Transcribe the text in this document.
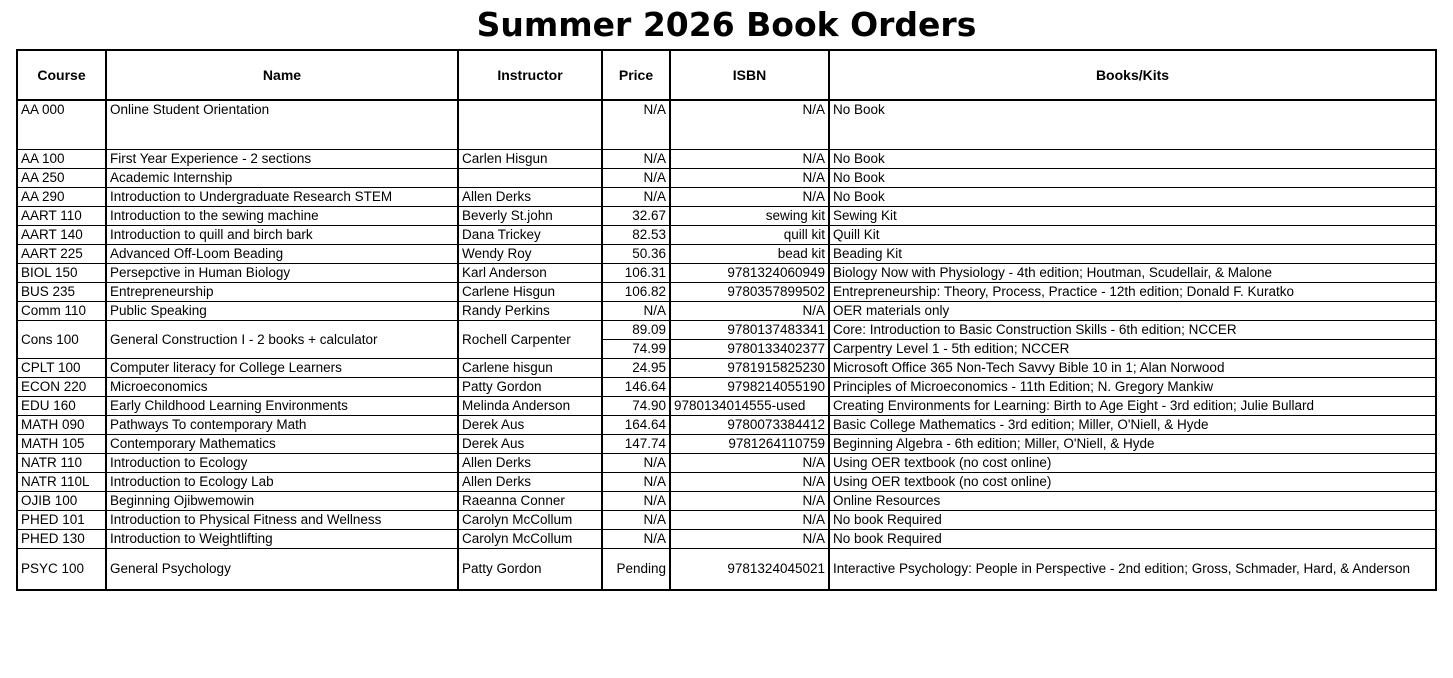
Summer 2026 Book Orders
Course	Name	Instructor	Price	ISBN	Books/Kits
AA 000	Online Student Orientation		N/A	N/A	No Book
AA 100	First Year Experience - 2 sections	Carlen Hisgun	N/A	N/A	No Book
AA 250	Academic Internship		N/A	N/A	No Book
AA 290	Introduction to Undergraduate Research STEM	Allen Derks	N/A	N/A	No Book
AART 110	Introduction to the sewing machine	Beverly St.john	32.67	sewing kit	Sewing Kit
AART 140	Introduction to quill and birch bark	Dana Trickey	82.53	quill kit	Quill Kit
AART 225	Advanced Off-Loom Beading	Wendy Roy	50.36	bead kit	Beading Kit
BIOL 150	Persepctive in Human Biology	Karl Anderson	106.31	9781324060949	Biology Now with Physiology - 4th edition; Houtman, Scudellair, & Malone
BUS 235	Entrepreneurship	Carlene Hisgun	106.82	9780357899502	Entrepreneurship: Theory, Process, Practice - 12th edition; Donald F. Kuratko
Comm 110	Public Speaking	Randy Perkins	N/A	N/A	OER materials only
Cons 100	General Construction I - 2 books + calculator	Rochell Carpenter	89.09	9780137483341	Core: Introduction to Basic Construction Skills - 6th edition; NCCER
			74.99	9780133402377	Carpentry Level 1 - 5th edition; NCCER
CPLT 100	Computer literacy for College Learners	Carlene hisgun	24.95	9781915825230	Microsoft Office 365 Non-Tech Savvy Bible 10 in 1; Alan Norwood
ECON 220	Microeconomics	Patty Gordon	146.64	9798214055190	Principles of Microeconomics - 11th Edition; N. Gregory Mankiw
EDU 160	Early Childhood Learning Environments	Melinda Anderson	74.90	9780134014555-used	Creating Environments for Learning: Birth to Age Eight - 3rd edition; Julie Bullard
MATH 090	Pathways To contemporary Math	Derek Aus	164.64	9780073384412	Basic College Mathematics - 3rd edition; Miller, O'Niell, & Hyde
MATH 105	Contemporary Mathematics	Derek Aus	147.74	9781264110759	Beginning Algebra - 6th edition; Miller, O'Niell, & Hyde
NATR 110	Introduction to Ecology	Allen Derks	N/A	N/A	Using OER textbook (no cost online)
NATR 110L	Introduction to Ecology Lab	Allen Derks	N/A	N/A	Using OER textbook (no cost online)
OJIB 100	Beginning Ojibwemowin	Raeanna Conner	N/A	N/A	Online Resources
PHED 101	Introduction to Physical Fitness and Wellness	Carolyn McCollum	N/A	N/A	No book Required
PHED 130	Introduction to Weightlifting	Carolyn McCollum	N/A	N/A	No book Required
PSYC 100	General Psychology	Patty Gordon	Pending	9781324045021	Interactive Psychology: People in Perspective - 2nd edition; Gross, Schmader, Hard, & Anderson
